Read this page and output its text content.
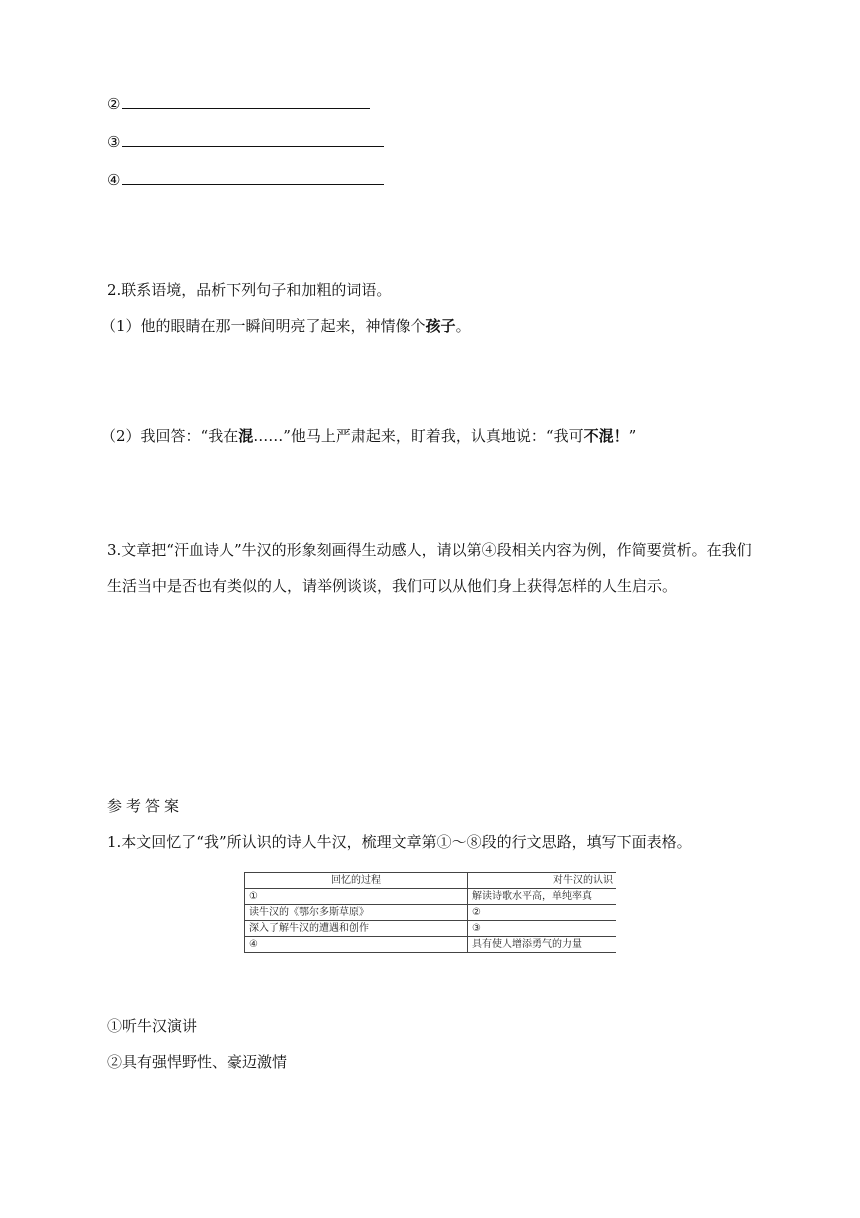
②
③
④
2.联系语境，品析下列句子和加粗的词语。
（1）他的眼睛在那一瞬间明亮了起来，神情像个孩子。
（2）我回答：“我在混……”他马上严肃起来，盯着我，认真地说：“我可不混！”
3.文章把“汗血诗人”牛汉的形象刻画得生动感人，请以第④段相关内容为例，作简要赏析。在我们生活当中是否也有类似的人，请举例谈谈，我们可以从他们身上获得怎样的人生启示。
参考答案
1.本文回忆了“我”所认识的诗人牛汉，梳理文章第①～⑧段的行文思路，填写下面表格。
回忆的过程	对牛汉的认识
①	解读诗歌水平高，单纯率真
读牛汉的《鄂尔多斯草原》	②
深入了解牛汉的遭遇和创作	③
④	具有使人增添勇气的力量
①听牛汉演讲
②具有强悍野性、豪迈激情
